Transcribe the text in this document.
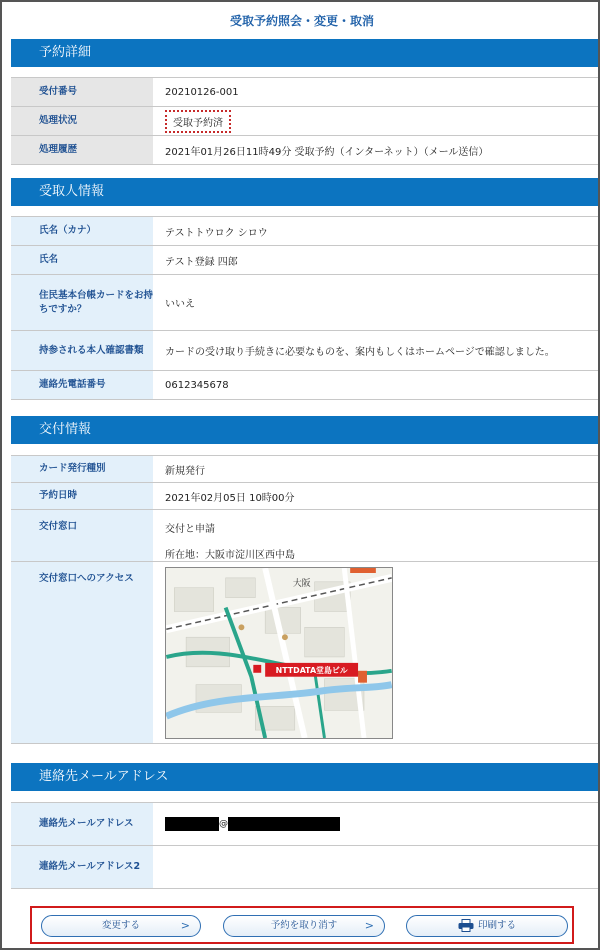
受取予約照会・変更・取消
予約詳細
受付番号	20210126-001
処理状況	受取予約済
処理履歴	2021年01月26日11時49分 受取予約（インターネット）（メール送信）
受取人情報
氏名（カナ）	テストトウロク シロウ
氏名	テスト登録 四郎
住民基本台帳カードをお持ちですか？	いいえ
持参される本人確認書類	カードの受け取り手続きに必要なものを、案内もしくはホームページで確認しました。
連絡先電話番号	0612345678
交付情報
カード発行種別	新規発行
予約日時	2021年02月05日 10時00分
交付窓口	交付と申請
所在地：大阪市淀川区西中島

交付窓口へのアクセス	NTTDATA堂島ビル
大阪
連絡先メールアドレス
連絡先メールアドレス	@
連絡先メールアドレス2	
変更する	>	予約を取り消す	>	印刷する
